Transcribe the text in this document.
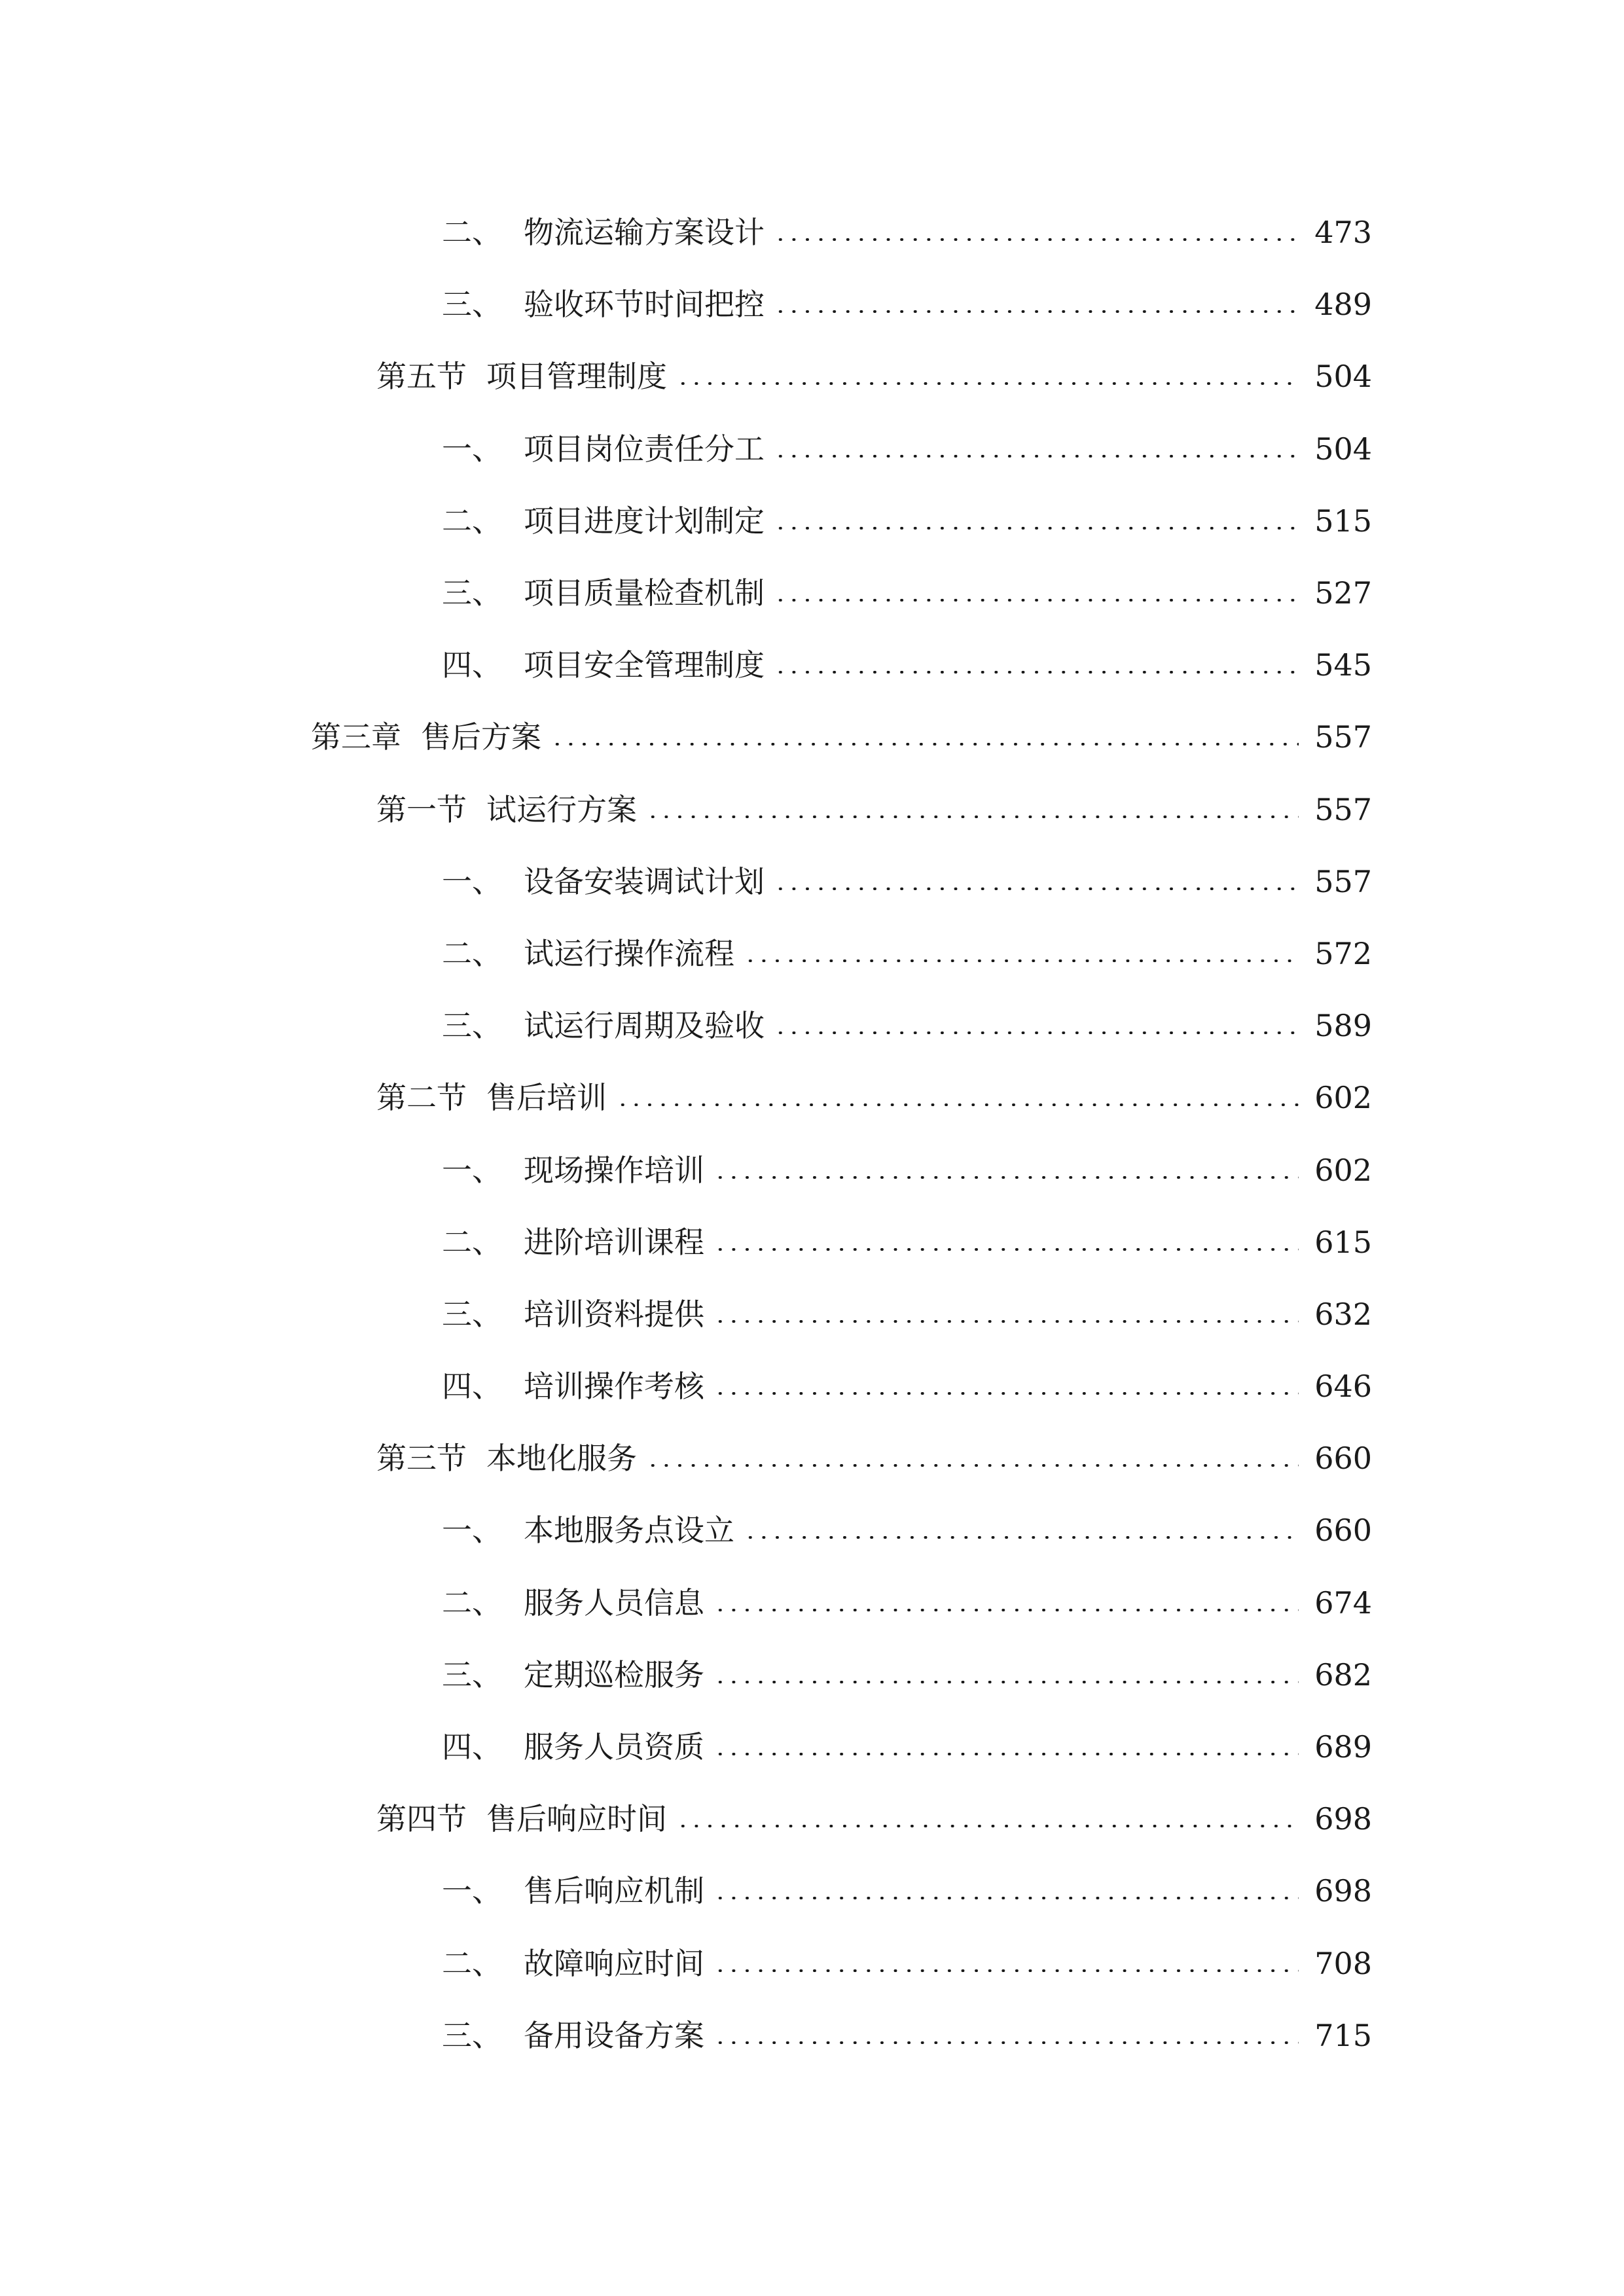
二、 物流运输方案设计	473
三、 验收环节时间把控	489
第五节 项目管理制度	504
一、 项目岗位责任分工	504
二、 项目进度计划制定	515
三、 项目质量检查机制	527
四、 项目安全管理制度	545
第三章 售后方案	557
第一节 试运行方案	557
一、 设备安装调试计划	557
二、 试运行操作流程	572
三、 试运行周期及验收	589
第二节 售后培训	602
一、 现场操作培训	602
二、 进阶培训课程	615
三、 培训资料提供	632
四、 培训操作考核	646
第三节 本地化服务	660
一、 本地服务点设立	660
二、 服务人员信息	674
三、 定期巡检服务	682
四、 服务人员资质	689
第四节 售后响应时间	698
一、 售后响应机制	698
二、 故障响应时间	708
三、 备用设备方案	715
